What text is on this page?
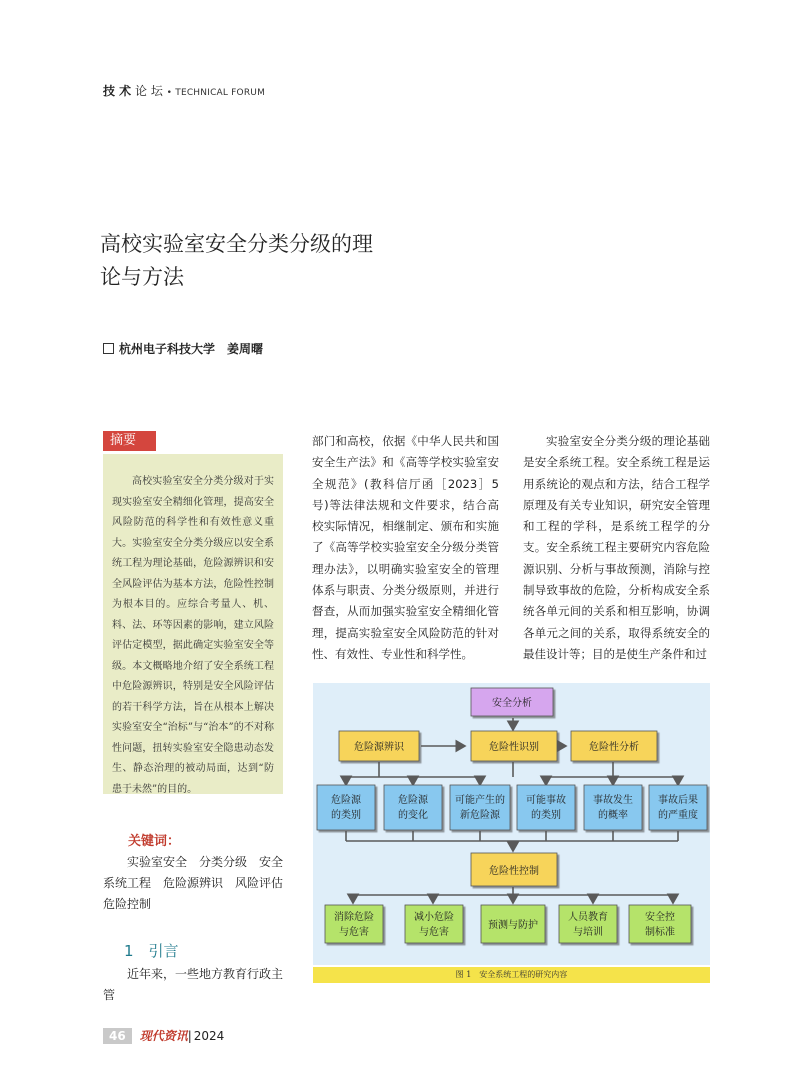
技 术 论 坛 • TECHNICAL FORUM
高校实验室安全分类分级的理
论与方法
杭州电子科技大学　姜周曙
摘要
高校实验室安全分类分级对于实现实验室安全精细化管理，提高安全风险防范的科学性和有效性意义重大。实验室安全分类分级应以安全系统工程为理论基础，危险源辨识和安全风险评估为基本方法，危险性控制为根本目的。应综合考量人、机、料、法、环等因素的影响，建立风险评估定模型，据此确定实验室安全等级。本文概略地介绍了安全系统工程中危险源辨识，特别是安全风险评估的若干科学方法，旨在从根本上解决实验室安全“治标”与“治本”的不对称性问题，扭转实验室安全隐患动态发生、静态治理的被动局面，达到“防患于未然”的目的。
关键词：
实验室安全　分类分级　安全系统工程　危险源辨识　风险评估　危险控制
1　引言
近年来，一些地方教育行政主管
部门和高校，依据《中华人民共和国安全生产法》和《高等学校实验室安全规范》(教科信厅函［2023］5 号)等法律法规和文件要求，结合高校实际情况，相继制定、颁布和实施了《高等学校实验室安全分级分类管理办法》，以明确实验室安全的管理体系与职责、分类分级原则，并进行督查，从而加强实验室安全精细化管理，提高实验室安全风险防范的针对性、有效性、专业性和科学性。
实验室安全分类分级的理论基础是安全系统工程。安全系统工程是运用系统论的观点和方法，结合工程学原理及有关专业知识，研究安全管理和工程的学科，是系统工程学的分支。安全系统工程主要研究内容危险源识别、分析与事故预测，消除与控制导致事故的危险，分析构成安全系统各单元间的关系和相互影响，协调各单元之间的关系，取得系统安全的最佳设计等；目的是使生产条件和过
安全分析
危险源辨识	危险性识别	危险性分析
危险源
的类别
危险源
的变化
可能产生的
新危险源
可能事故
的类别
事故发生
的概率
事故后果
的严重度
危险性控制
消除危险
与危害
减小危险
与危害
预测与防护
人员教育
与培训
安全控
制标准
图 1　安全系统工程的研究内容
46	现代资讯 | 2024
